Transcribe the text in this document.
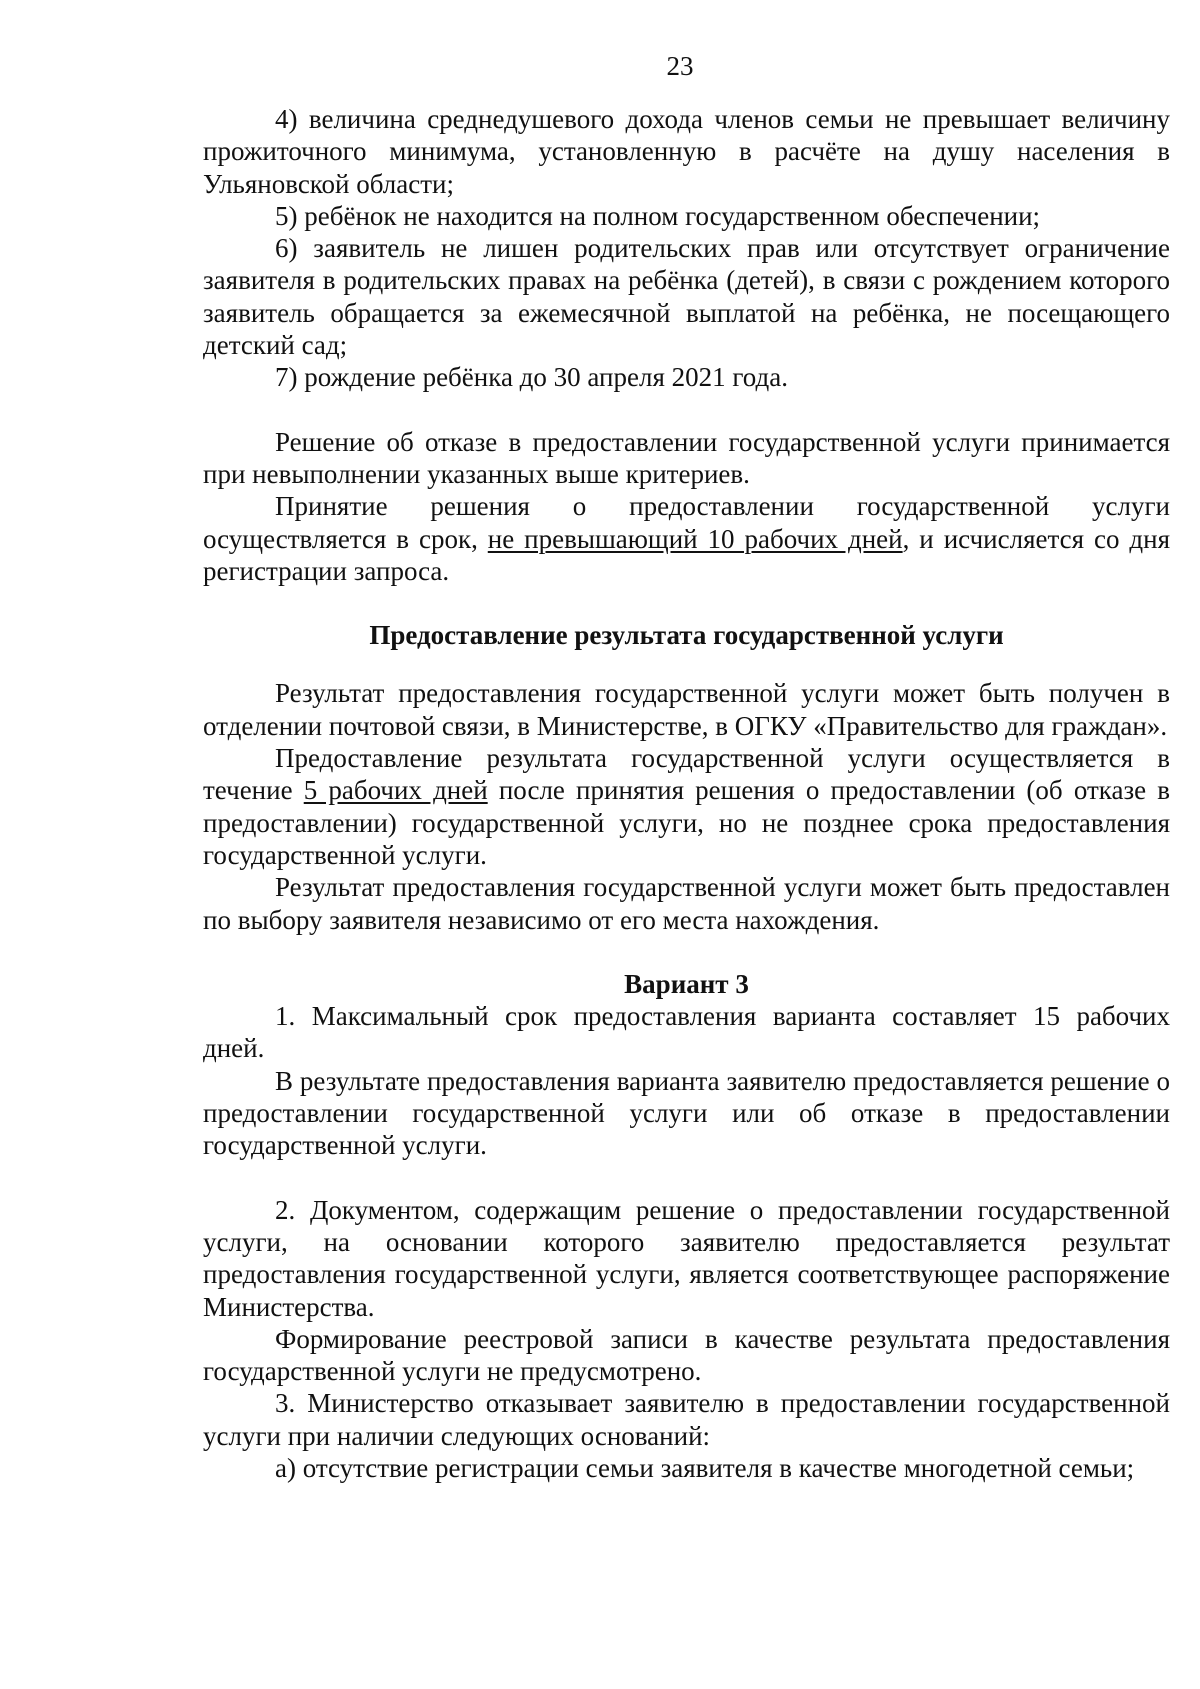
23

4) величина среднедушевого дохода членов семьи не превышает величину прожиточного минимума, установленную в расчёте на душу населения в Ульяновской области;

5) ребёнок не находится на полном государственном обеспечении;

6) заявитель не лишен родительских прав или отсутствует ограничение заявителя в родительских правах на ребёнка (детей), в связи с рождением которого заявитель обращается за ежемесячной выплатой на ребёнка, не посещающего детский сад;

7) рождение ребёнка до 30 апреля 2021 года.

Решение об отказе в предоставлении государственной услуги принимается при невыполнении указанных выше критериев.

Принятие решения о предоставлении государственной услуги осуществляется в срок, не превышающий 10 рабочих дней, и исчисляется со дня регистрации запроса.

Предоставление результата государственной услуги

Результат предоставления государственной услуги может быть получен в отделении почтовой связи, в Министерстве, в ОГКУ «Правительство для граждан».

Предоставление результата государственной услуги осуществляется в течение 5 рабочих дней после принятия решения о предоставлении (об отказе в предоставлении) государственной услуги, но не позднее срока предоставления государственной услуги.

Результат предоставления государственной услуги может быть предоставлен по выбору заявителя независимо от его места нахождения.

Вариант 3

1. Максимальный срок предоставления варианта составляет 15 рабочих дней.

В результате предоставления варианта заявителю предоставляется решение о предоставлении государственной услуги или об отказе в предоставлении государственной услуги.

2. Документом, содержащим решение о предоставлении государственной услуги, на основании которого заявителю предоставляется результат предоставления государственной услуги, является соответствующее распоряжение Министерства.

Формирование реестровой записи в качестве результата предоставления государственной услуги не предусмотрено.

3. Министерство отказывает заявителю в предоставлении государственной услуги при наличии следующих оснований:

а) отсутствие регистрации семьи заявителя в качестве многодетной семьи;
